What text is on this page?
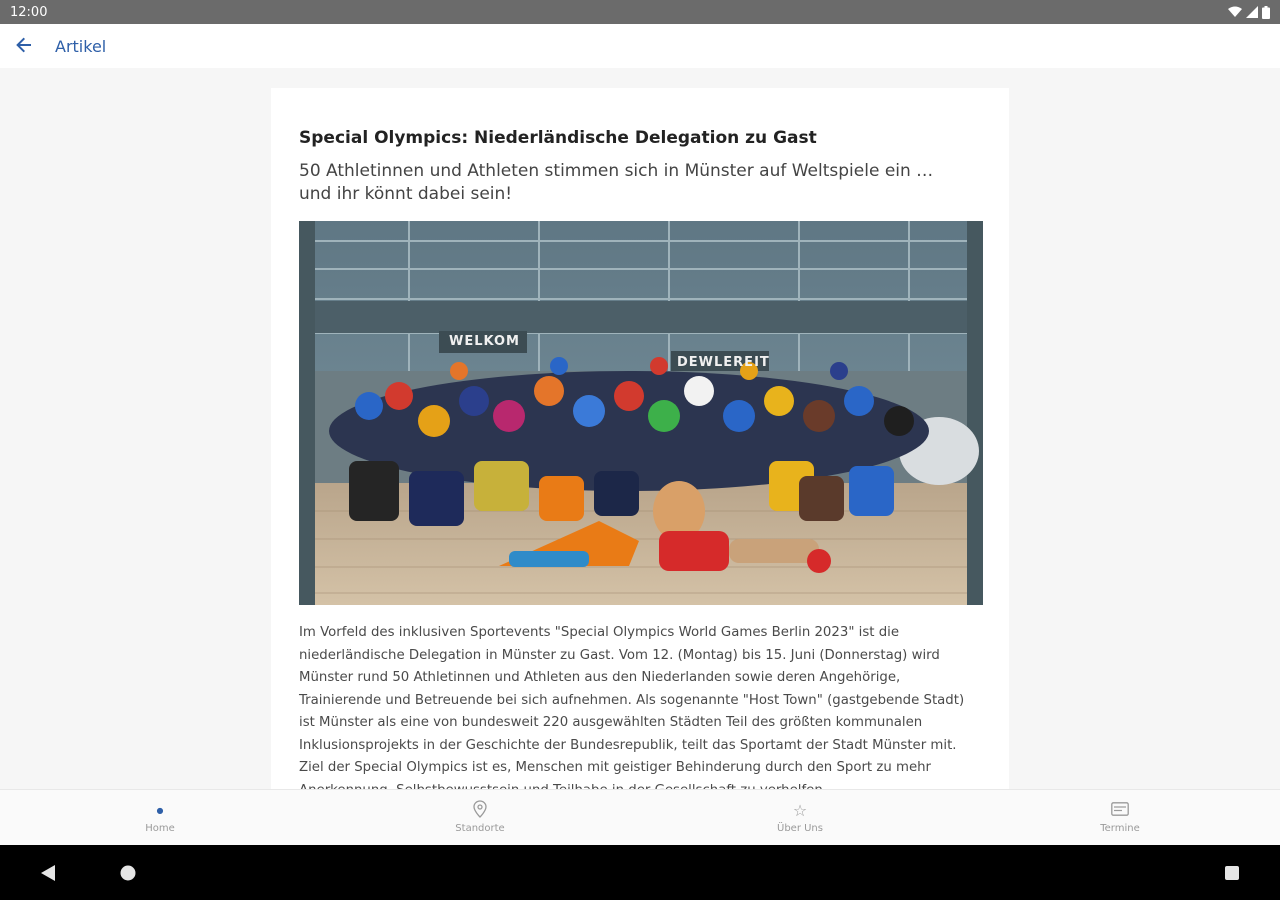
12:00
Artikel
Special Olympics: Niederländische Delegation zu Gast

50 Athletinnen und Athleten stimmen sich in Münster auf Weltspiele ein … und ihr könnt dabei sein!

WELKOM
DEWLEREIT

Im Vorfeld des inklusiven Sportevents "Special Olympics World Games Berlin 2023" ist die niederländische Delegation in Münster zu Gast. Vom 12. (Montag) bis 15. Juni (Donnerstag) wird Münster rund 50 Athletinnen und Athleten aus den Niederlanden sowie deren Angehörige, Trainierende und Betreuende bei sich aufnehmen. Als sogenannte "Host Town" (gastgebende Stadt) ist Münster als eine von bundesweit 220 ausgewählten Städten Teil des größten kommunalen Inklusionsprojekts in der Geschichte der Bundesrepublik, teilt das Sportamt der Stadt Münster mit. Ziel der Special Olympics ist es, Menschen mit geistiger Behinderung durch den Sport zu mehr

●
Home	Standorte
☆
Über Uns	Termine
